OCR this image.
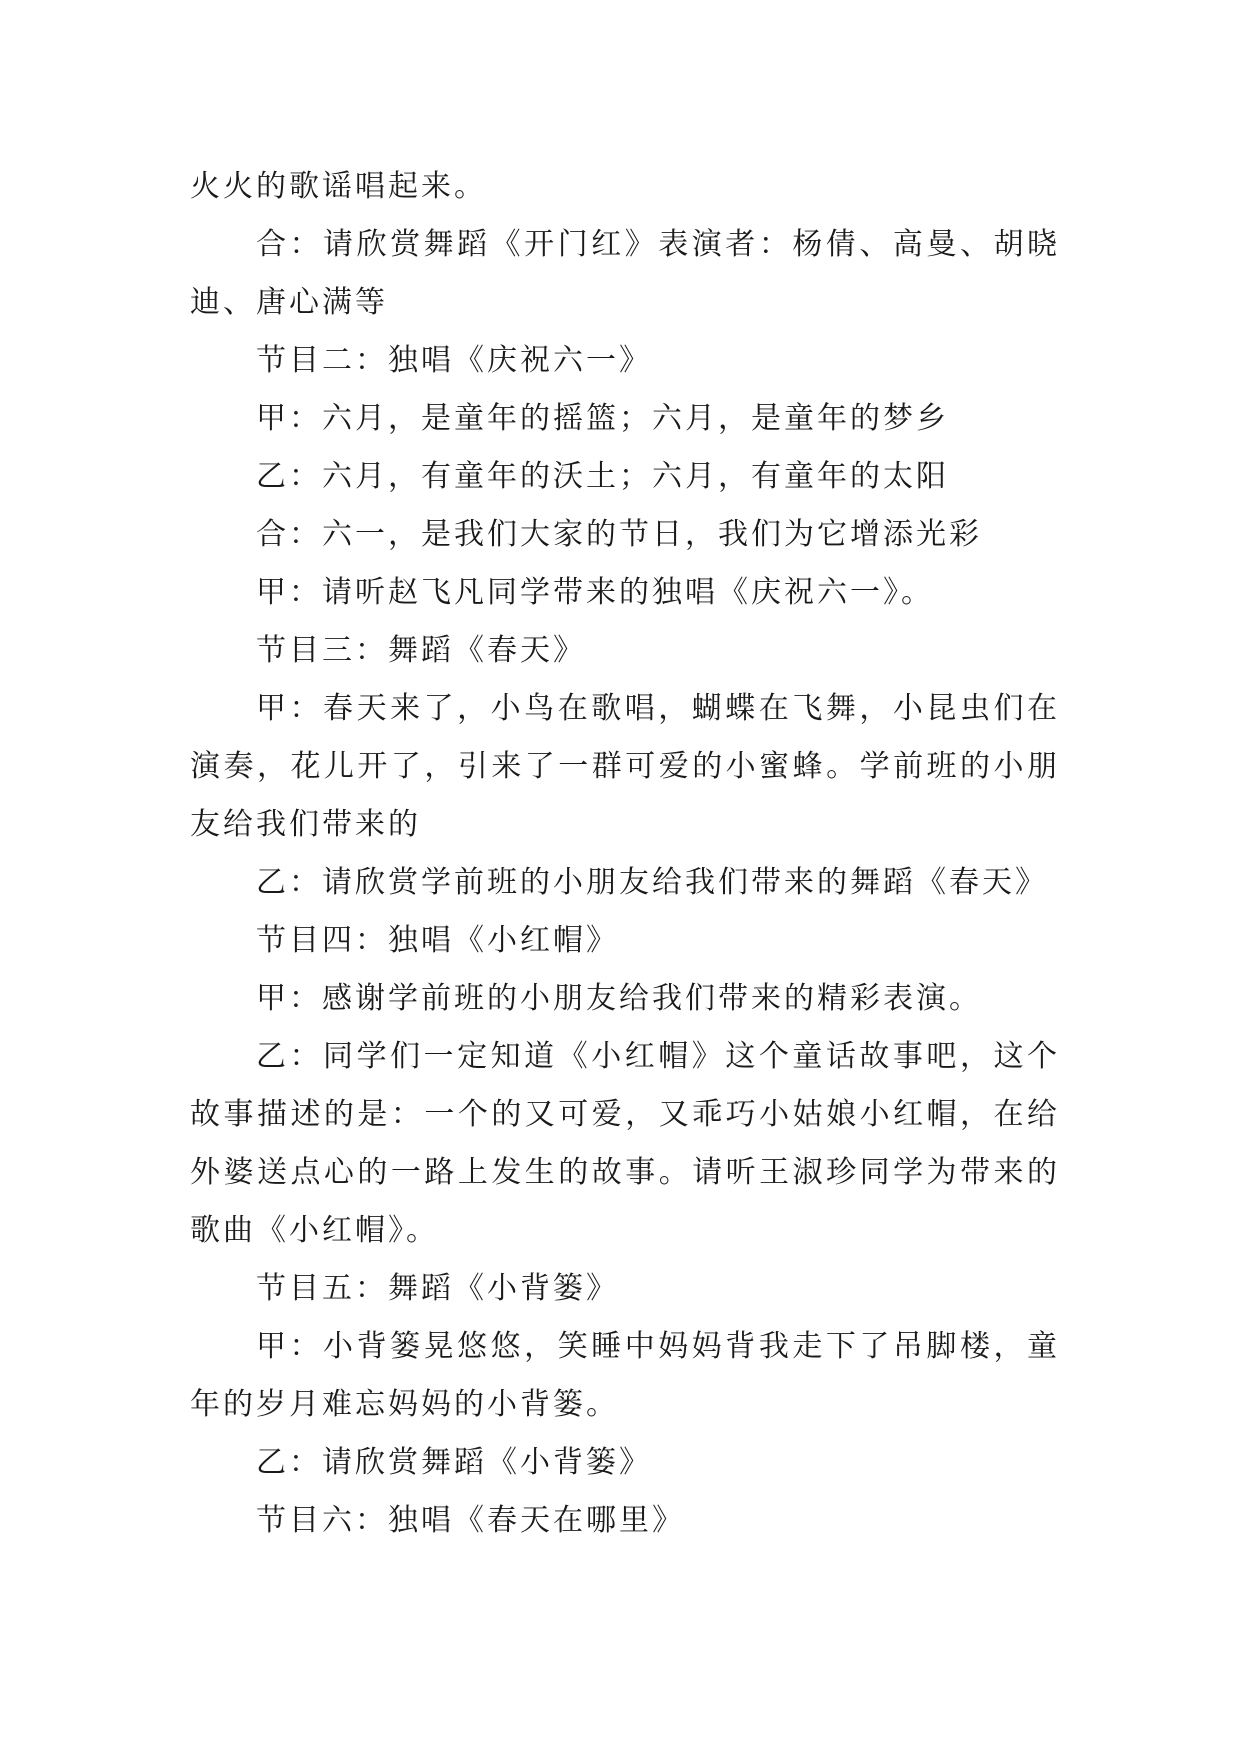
火火的歌谣唱起来。

合：请欣赏舞蹈《开门红》表演者：杨倩、高曼、胡晓迪、唐心满等

节目二：独唱《庆祝六一》

甲：六月，是童年的摇篮；六月，是童年的梦乡

乙：六月，有童年的沃土；六月，有童年的太阳

合：六一，是我们大家的节日，我们为它增添光彩

甲：请听赵飞凡同学带来的独唱《庆祝六一》。

节目三：舞蹈《春天》

甲：春天来了，小鸟在歌唱，蝴蝶在飞舞，小昆虫们在演奏，花儿开了，引来了一群可爱的小蜜蜂。学前班的小朋友给我们带来的

乙：请欣赏学前班的小朋友给我们带来的舞蹈《春天》

节目四：独唱《小红帽》

甲：感谢学前班的小朋友给我们带来的精彩表演。

乙：同学们一定知道《小红帽》这个童话故事吧，这个故事描述的是：一个的又可爱，又乖巧小姑娘小红帽，在给外婆送点心的一路上发生的故事。请听王淑珍同学为带来的歌曲《小红帽》。

节目五：舞蹈《小背篓》

甲：小背篓晃悠悠，笑睡中妈妈背我走下了吊脚楼，童年的岁月难忘妈妈的小背篓。

乙：请欣赏舞蹈《小背篓》

节目六：独唱《春天在哪里》
